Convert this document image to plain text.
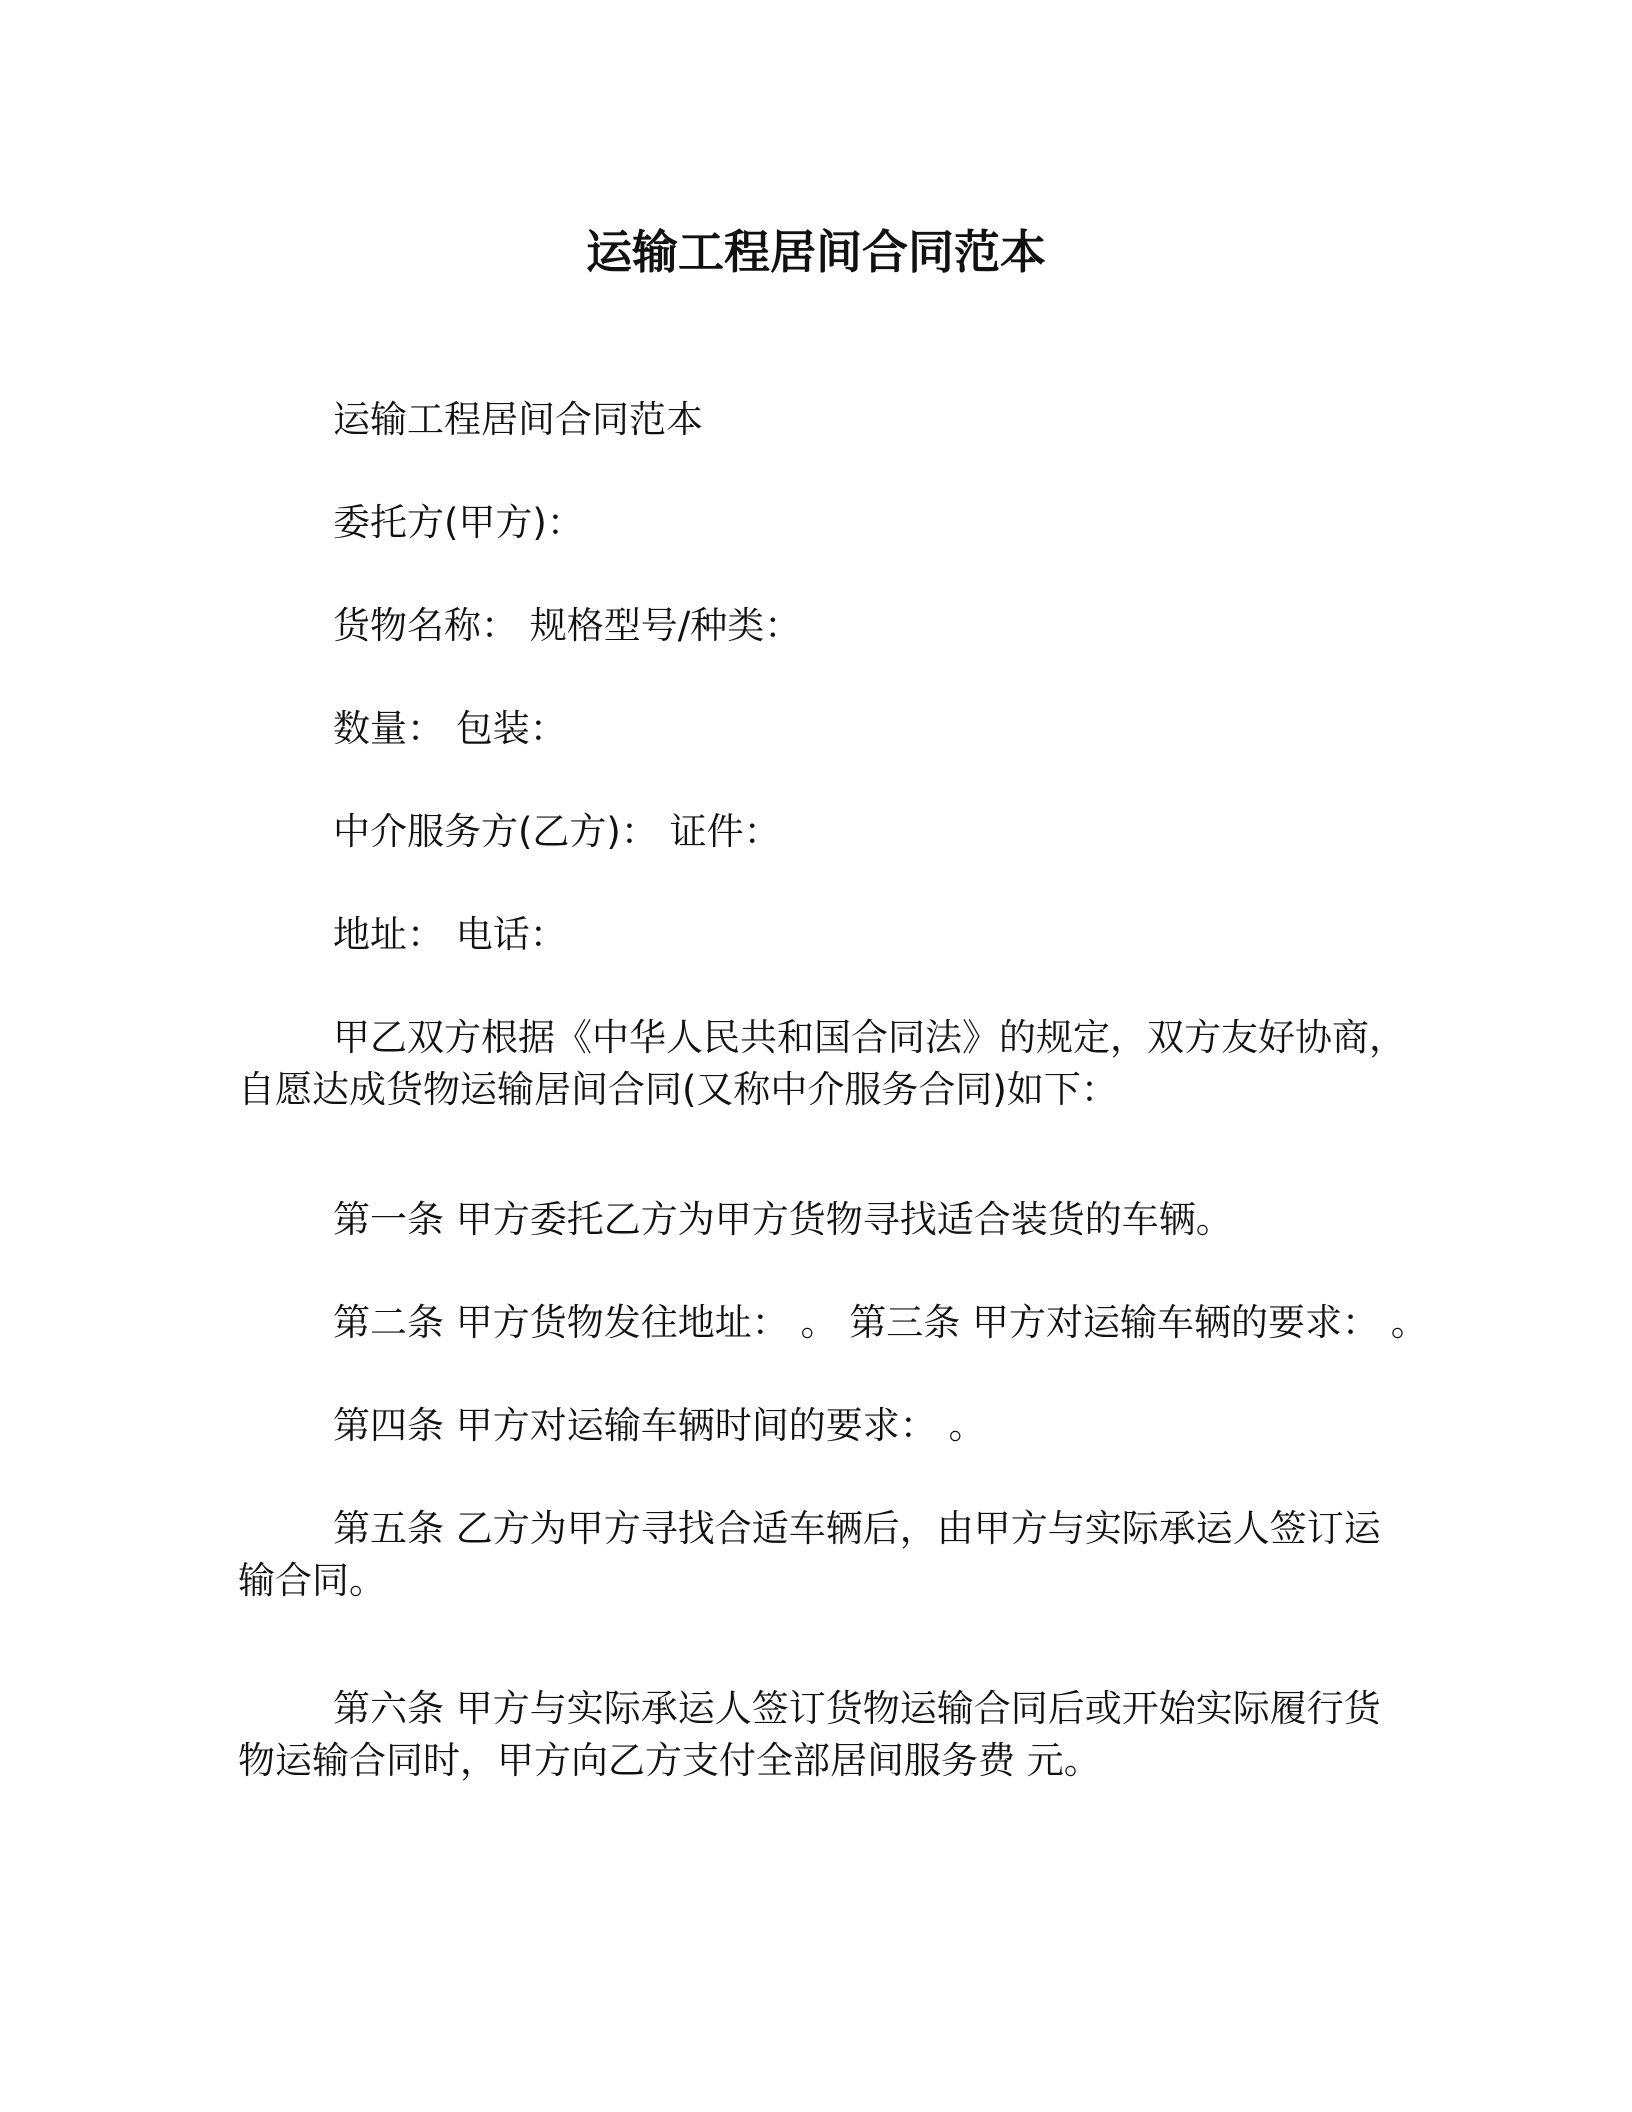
运输工程居间合同范本
运输工程居间合同范本
委托方(甲方)：
货物名称： 规格型号/种类：
数量： 包装：
中介服务方(乙方)： 证件：
地址： 电话：
甲乙双方根据《中华人民共和国合同法》的规定，双方友好协商，
自愿达成货物运输居间合同(又称中介服务合同)如下：
第一条 甲方委托乙方为甲方货物寻找适合装货的车辆。
第二条 甲方货物发往地址： 。 第三条 甲方对运输车辆的要求： 。
第四条 甲方对运输车辆时间的要求： 。
第五条 乙方为甲方寻找合适车辆后，由甲方与实际承运人签订运
输合同。
第六条 甲方与实际承运人签订货物运输合同后或开始实际履行货
物运输合同时，甲方向乙方支付全部居间服务费 元。
